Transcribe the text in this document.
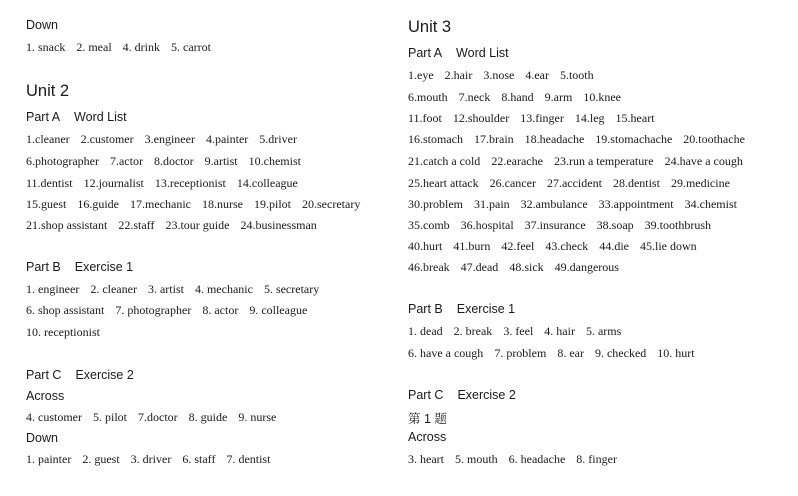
Down
1. snack 2. meal 4. drink 5. carrot
Unit 2
Part A Word List
1.cleaner 2.customer 3.engineer 4.painter 5.driver
6.photographer 7.actor 8.doctor 9.artist 10.chemist
11.dentist 12.journalist 13.receptionist 14.colleague
15.guest 16.guide 17.mechanic 18.nurse 19.pilot 20.secretary
21.shop assistant 22.staff 23.tour guide 24.businessman
Part B Exercise 1
1. engineer 2. cleaner 3. artist 4. mechanic 5. secretary
6. shop assistant 7. photographer 8. actor 9. colleague
10. receptionist
Part C Exercise 2
Across
4. customer 5. pilot 7.doctor 8. guide 9. nurse
Down
1. painter 2. guest 3. driver 6. staff 7. dentist
Unit 3
Part A Word List
1.eye 2.hair 3.nose 4.ear 5.tooth
6.mouth 7.neck 8.hand 9.arm 10.knee
11.foot 12.shoulder 13.finger 14.leg 15.heart
16.stomach 17.brain 18.headache 19.stomachache 20.toothache
21.catch a cold 22.earache 23.run a temperature 24.have a cough
25.heart attack 26.cancer 27.accident 28.dentist 29.medicine
30.problem 31.pain 32.ambulance 33.appointment 34.chemist
35.comb 36.hospital 37.insurance 38.soap 39.toothbrush
40.hurt 41.burn 42.feel 43.check 44.die 45.lie down
46.break 47.dead 48.sick 49.dangerous
Part B Exercise 1
1. dead 2. break 3. feel 4. hair 5. arms
6. have a cough 7. problem 8. ear 9. checked 10. hurt
Part C Exercise 2
第 1 题
Across
3. heart 5. mouth 6. headache 8. finger
